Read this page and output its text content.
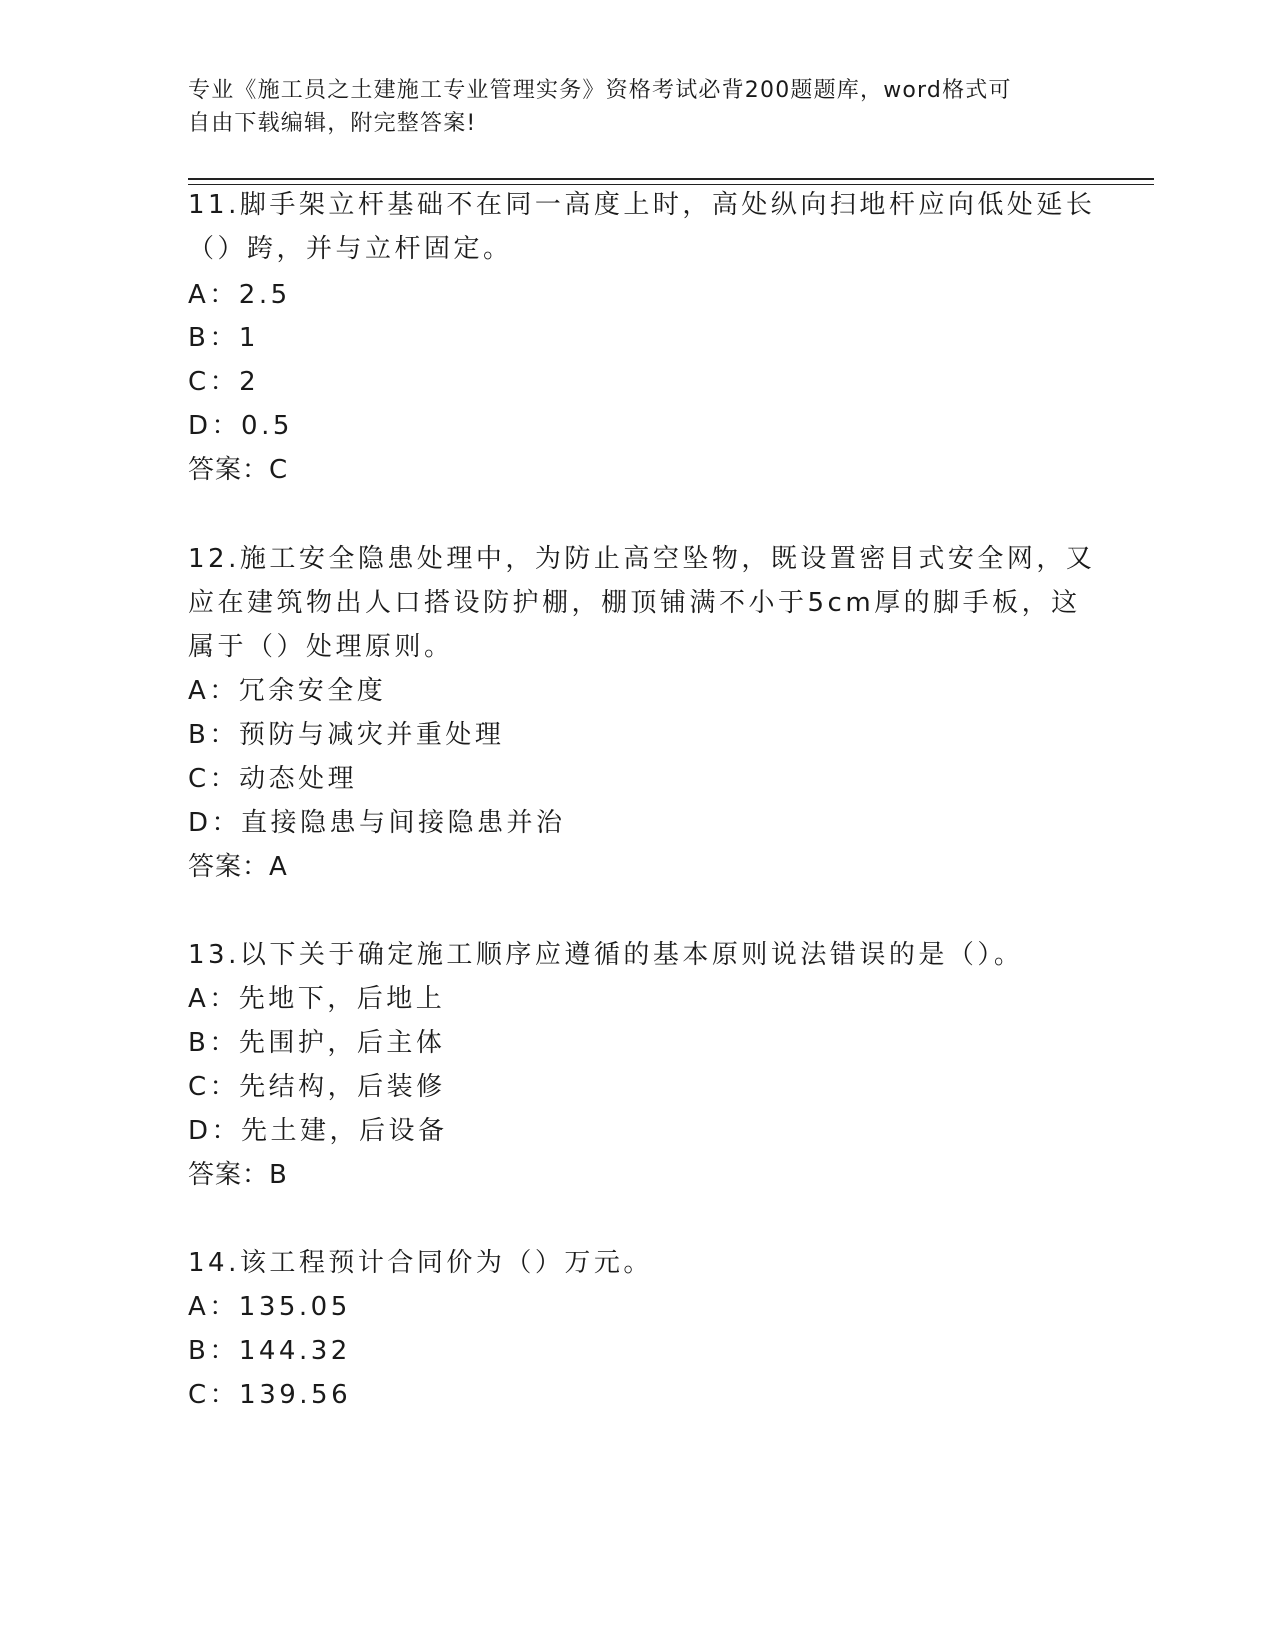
专业《施工员之土建施工专业管理实务》资格考试必背200题题库，word格式可
自由下载编辑，附完整答案!
11.脚手架立杆基础不在同一高度上时，高处纵向扫地杆应向低处延长
（）跨，并与立杆固定。
A：2.5
B：1
C：2
D：0.5
答案：C
12.施工安全隐患处理中，为防止高空坠物，既设置密目式安全网，又
应在建筑物出人口搭设防护棚，棚顶铺满不小于5cm厚的脚手板，这
属于（）处理原则。
A：冗余安全度
B：预防与减灾并重处理
C：动态处理
D：直接隐患与间接隐患并治
答案：A
13.以下关于确定施工顺序应遵循的基本原则说法错误的是（）。
A：先地下，后地上
B：先围护，后主体
C：先结构，后装修
D：先土建，后设备
答案：B
14.该工程预计合同价为（）万元。
A：135.05
B：144.32
C：139.56
